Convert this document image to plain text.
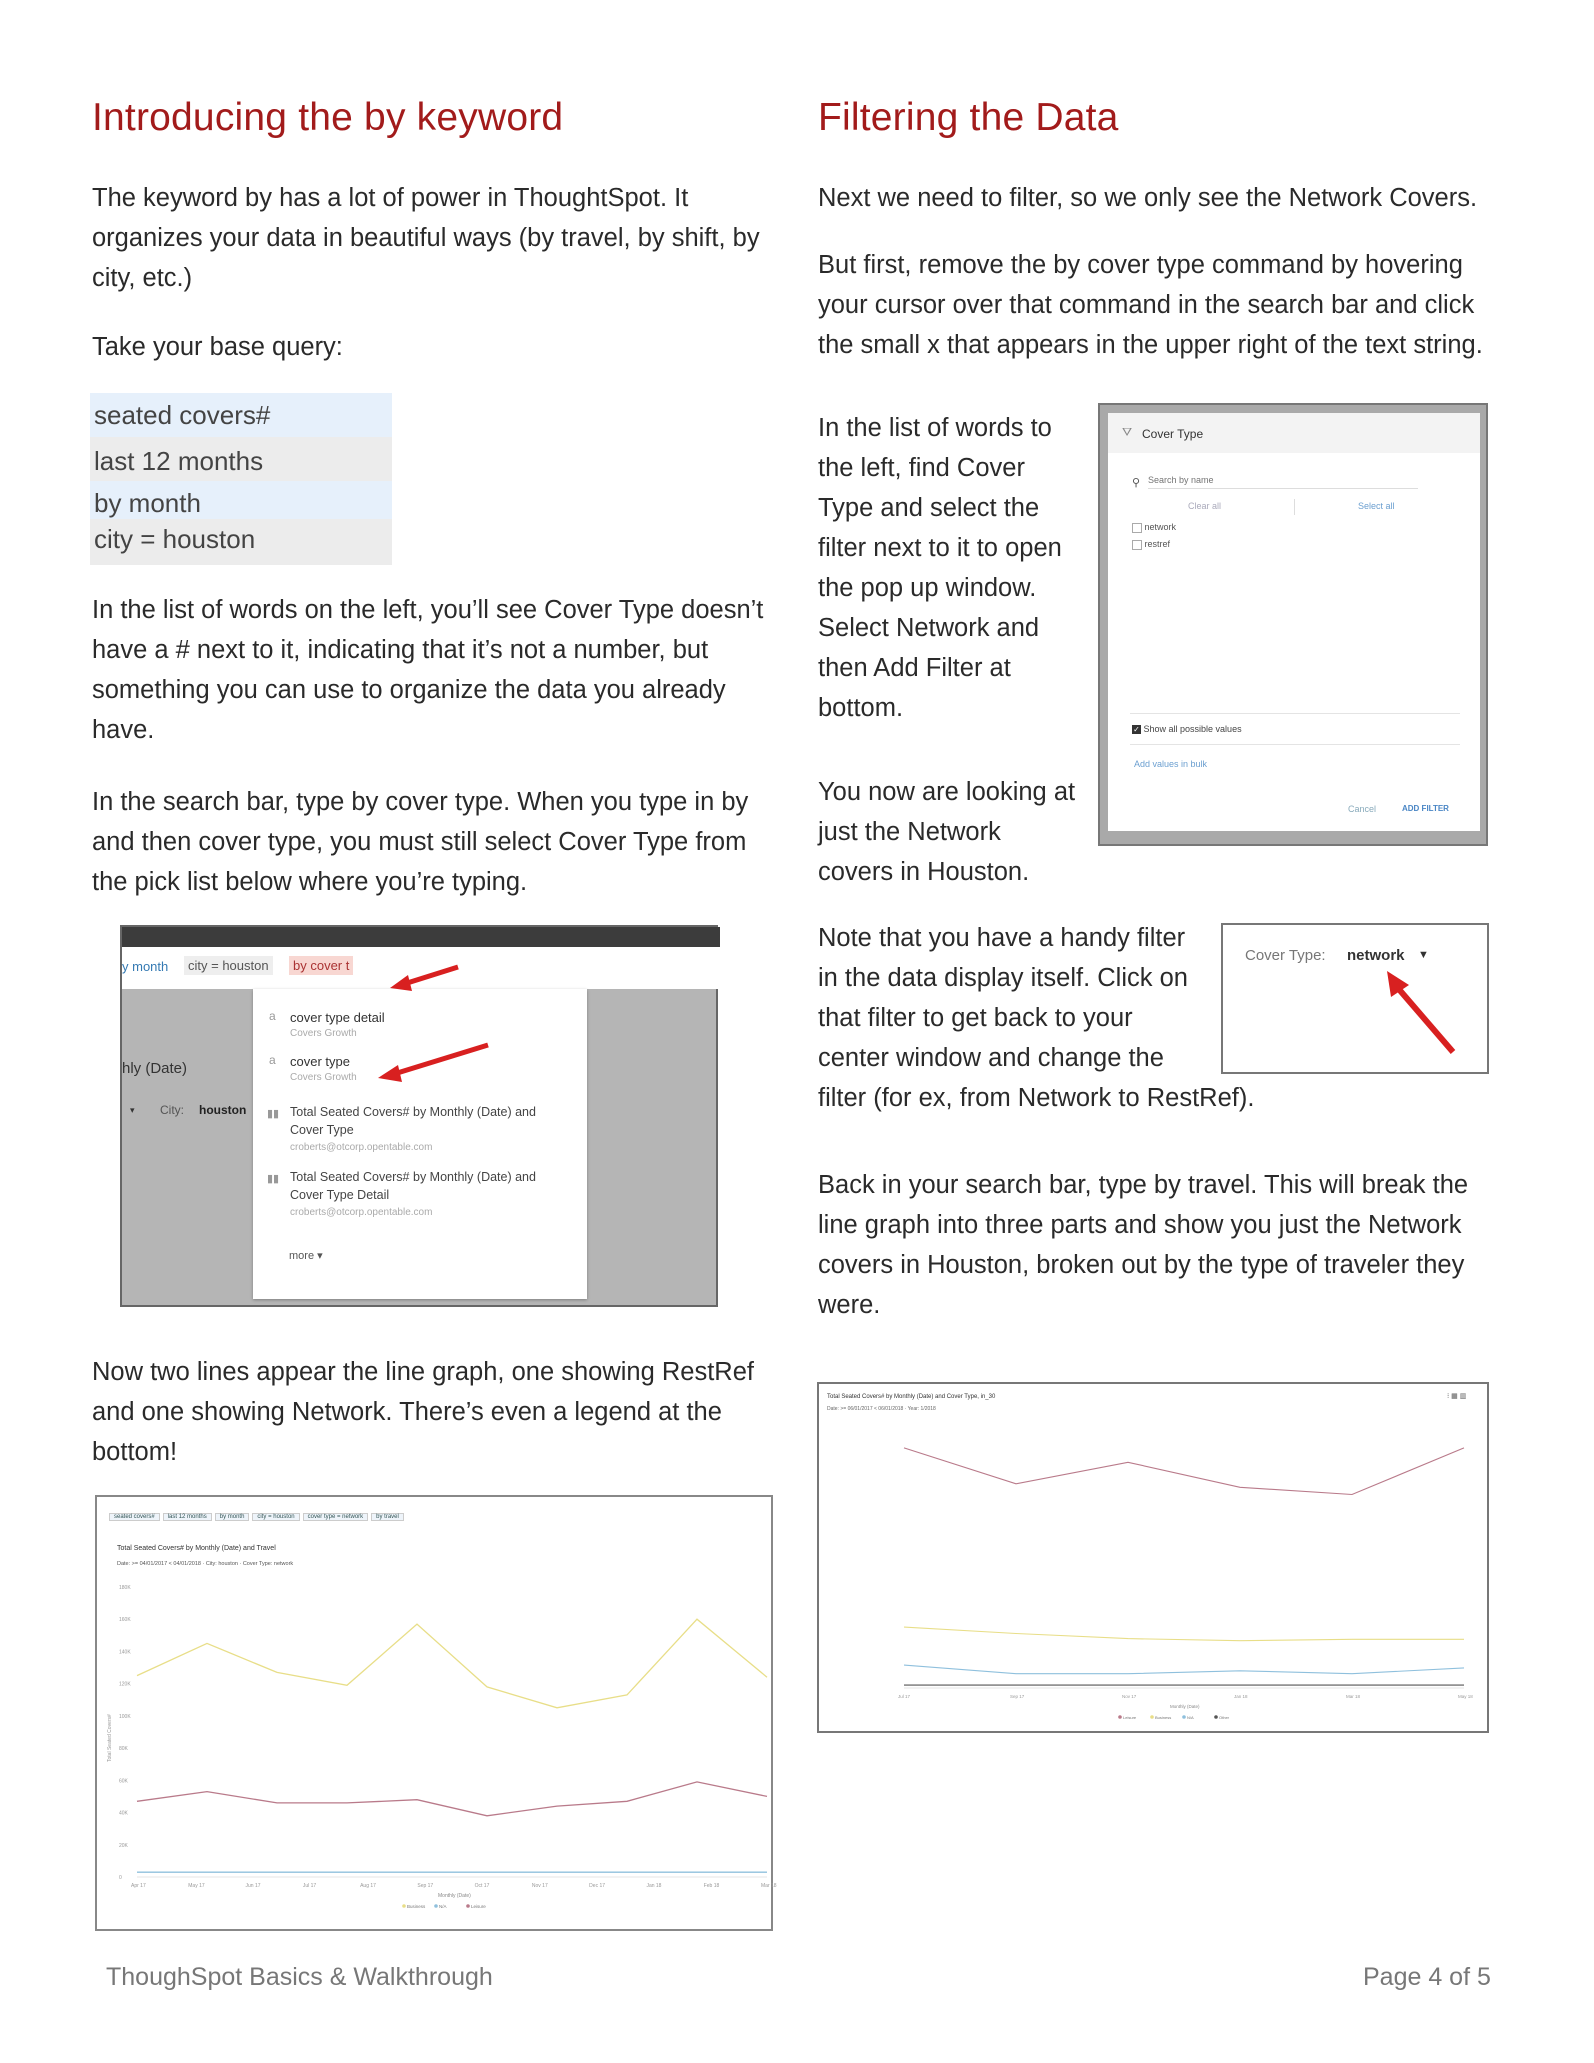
Introducing the by keyword

The keyword by has a lot of power in ThoughtSpot. It

organizes your data in beautiful ways (by travel, by shift, by

city, etc.)

Take your base query:

seated covers#
last 12 months
by month
city = houston

In the list of words on the left, you’ll see Cover Type doesn’t

have a # next to it, indicating that it’s not a number, but

something you can use to organize the data you already

have.

In the search bar, type by cover type. When you type in by

and then cover type, you must still select Cover Type from

the pick list below where you’re typing.

y month	city = houston	by cover t
hly (Date)
▾ City: houston
a cover type detail
Covers Growth
a cover type
Covers Growth
▮▮ Total Seated Covers# by Monthly (Date) and
Cover Type
croberts@otcorp.opentable.com
▮▮ Total Seated Covers# by Monthly (Date) and
Cover Type Detail
croberts@otcorp.opentable.com
more ▾

Now two lines appear the line graph, one showing RestRef

and one showing Network. There’s even a legend at the

bottom!

seated covers# last 12 months by month city = houston cover type = network by travel
Total Seated Covers# by Monthly (Date) and Travel
Date: >= 04/01/2017 < 04/01/2018 · City: houston · Cover Type: network
0
20K
40K
60K
80K
100K
120K
140K
160K
180K
Apr 17	May 17	Jun 17	Jul 17	Aug 17	Sep 17	Oct 17	Nov 17	Dec 17	Jan 18	Feb 18	Mar 18
Monthly (Date)
Total Seated Covers#
Business	N/A	Leisure
Filtering the Data

Next we need to filter, so we only see the Network Covers.

But first, remove the by cover type command by hovering

your cursor over that command in the search bar and click

the small x that appears in the upper right of the text string.

In the list of words to

the left, find Cover

Type and select the

filter next to it to open

the pop up window.

Select Network and

then Add Filter at

bottom.

You now are looking at

just the Network

covers in Houston.

⛛ Cover Type
⚲
Search by name
Clear all	Select all
network
restref
✓ Show all possible values
Add values in bulk
Cancel	ADD FILTER

Note that you have a handy filter

in the data display itself. Click on

that filter to get back to your

center window and change the

filter (for ex, from Network to RestRef).

Cover Type: network ▼

Back in your search bar, type by travel. This will break the

line graph into three parts and show you just the Network

covers in Houston, broken out by the type of traveler they

were.

Total Seated Covers# by Monthly (Date) and Cover Type, in_30
Date: >= 06/01/2017 < 06/01/2018 · Year: 1/2018
⁝ ▦ ▥
Jul 17	Sep 17	Nov 17	Jan 18	Mar 18	May 18
Monthly (Date)
Leisure	Business	N/A	Other
ThoughSpot Basics & Walkthrough	Page 4 of 5
